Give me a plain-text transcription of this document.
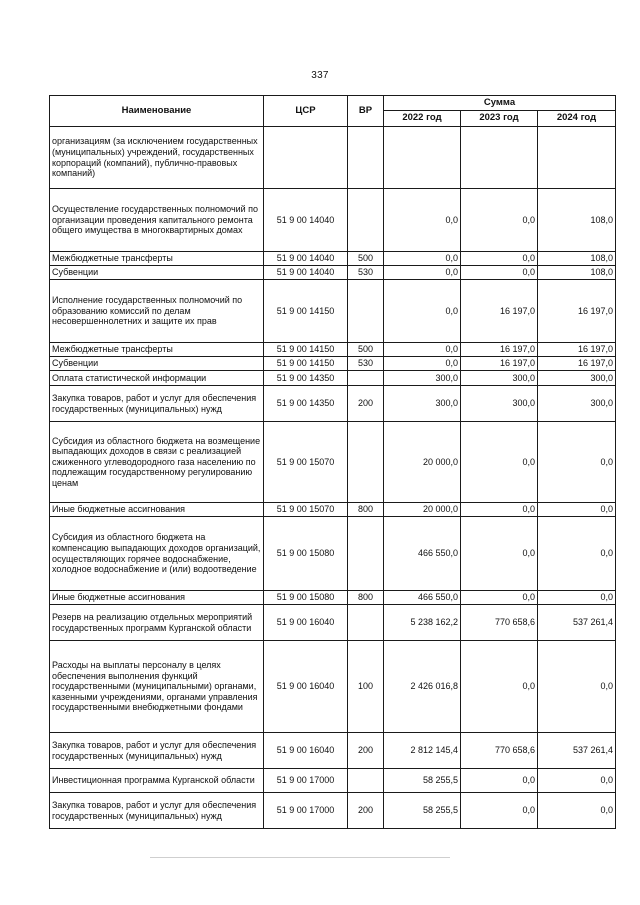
337
Наименование	ЦСР	ВР	Сумма		
			2022 год	2023 год	2024 год
организациям (за исключением государственных (муниципальных) учреждений, государственных корпораций (компаний), публично-правовых компаний)					
Осуществление государственных полномочий по организации проведения капитального ремонта общего имущества в многоквартирных домах	51 9 00 14040		0,0	0,0	108,0
Межбюджетные трансферты	51 9 00 14040	500	0,0	0,0	108,0
Субвенции	51 9 00 14040	530	0,0	0,0	108,0
Исполнение государственных полномочий по образованию комиссий по делам несовершеннолетних и защите их прав	51 9 00 14150		0,0	16 197,0	16 197,0
Межбюджетные трансферты	51 9 00 14150	500	0,0	16 197,0	16 197,0
Субвенции	51 9 00 14150	530	0,0	16 197,0	16 197,0
Оплата статистической информации	51 9 00 14350		300,0	300,0	300,0
Закупка товаров, работ и услуг для обеспечения государственных (муниципальных) нужд	51 9 00 14350	200	300,0	300,0	300,0
Субсидия из областного бюджета на возмещение выпадающих доходов в связи с реализацией сжиженного углеводородного газа населению по подлежащим государственному регулированию ценам	51 9 00 15070		20 000,0	0,0	0,0
Иные бюджетные ассигнования	51 9 00 15070	800	20 000,0	0,0	0,0
Субсидия из областного бюджета на компенсацию выпадающих доходов организаций, осуществляющих горячее водоснабжение, холодное водоснабжение и (или) водоотведение	51 9 00 15080		466 550,0	0,0	0,0
Иные бюджетные ассигнования	51 9 00 15080	800	466 550,0	0,0	0,0
Резерв на реализацию отдельных мероприятий государственных программ Курганской области	51 9 00 16040		5 238 162,2	770 658,6	537 261,4
Расходы на выплаты персоналу в целях обеспечения выполнения функций государственными (муниципальными) органами, казенными учреждениями, органами управления государственными внебюджетными фондами	51 9 00 16040	100	2 426 016,8	0,0	0,0
Закупка товаров, работ и услуг для обеспечения государственных (муниципальных) нужд	51 9 00 16040	200	2 812 145,4	770 658,6	537 261,4
Инвестиционная программа Курганской области	51 9 00 17000		58 255,5	0,0	0,0
Закупка товаров, работ и услуг для обеспечения государственных (муниципальных) нужд	51 9 00 17000	200	58 255,5	0,0	0,0
